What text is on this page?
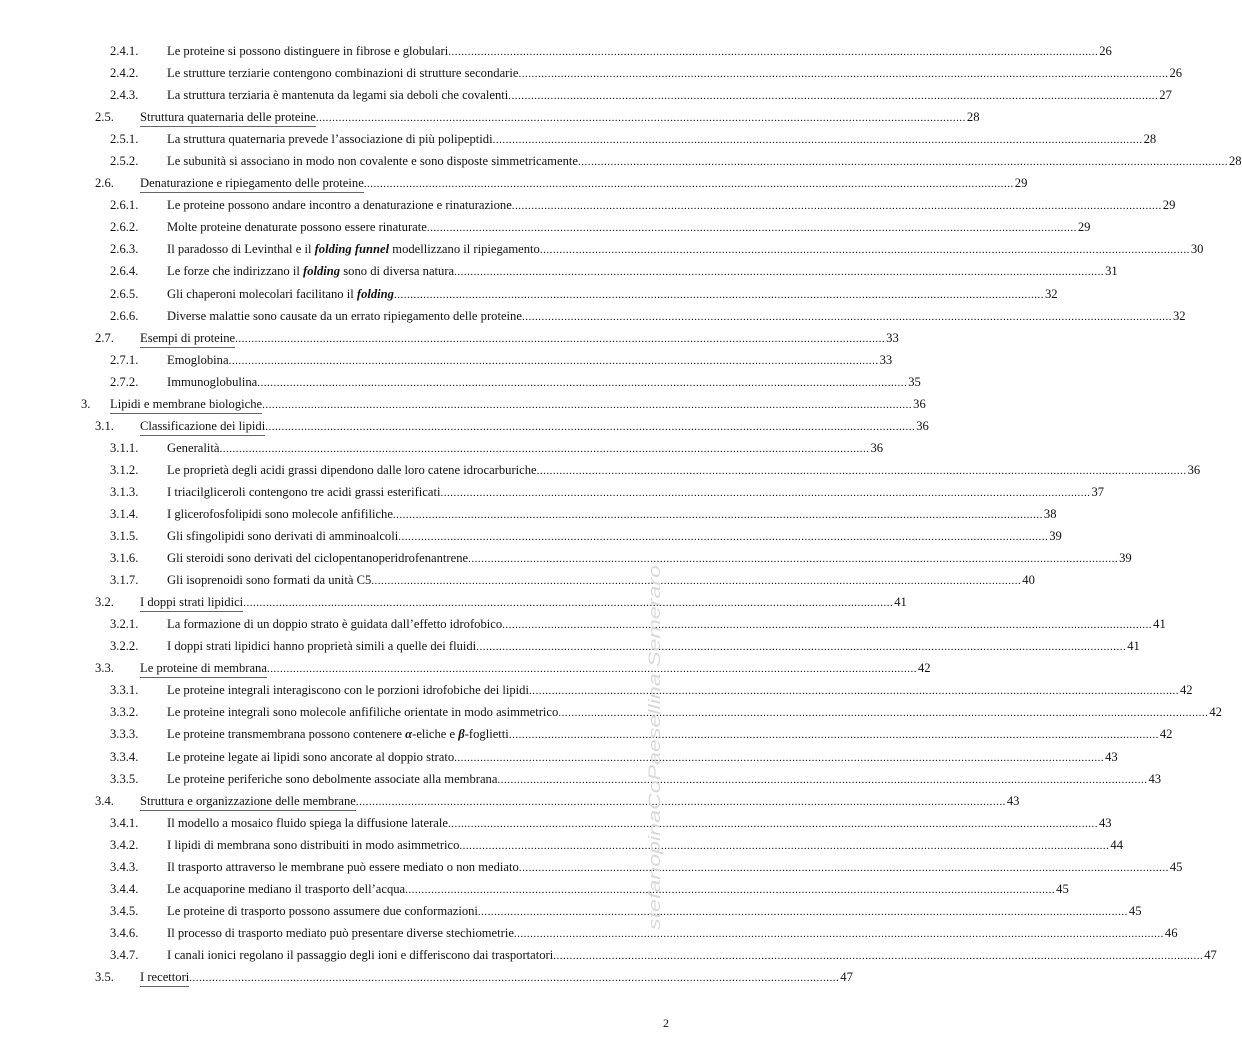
2.4.1. Le proteine si possono distinguere in fibrose e globulari ........................................................................................................................................................................................................ 26
2.4.2. Le strutture terziarie contengono combinazioni di strutture secondarie ........................................................................................................................................................................................................ 26
2.4.3. La struttura terziaria è mantenuta da legami sia deboli che covalenti ........................................................................................................................................................................................................ 27
2.5. Struttura quaternaria delle proteine ........................................................................................................................................................................................................ 28
2.5.1. La struttura quaternaria prevede l’associazione di più polipeptidi ........................................................................................................................................................................................................ 28
2.5.2. Le subunità si associano in modo non covalente e sono disposte simmetricamente ........................................................................................................................................................................................................ 28
2.6. Denaturazione e ripiegamento delle proteine ........................................................................................................................................................................................................ 29
2.6.1. Le proteine possono andare incontro a denaturazione e rinaturazione ........................................................................................................................................................................................................ 29
2.6.2. Molte proteine denaturate possono essere rinaturate ........................................................................................................................................................................................................ 29
2.6.3. Il paradosso di Levinthal e il folding funnel modellizzano il ripiegamento ........................................................................................................................................................................................................ 30
2.6.4. Le forze che indirizzano il folding sono di diversa natura ........................................................................................................................................................................................................ 31
2.6.5. Gli chaperoni molecolari facilitano il folding ........................................................................................................................................................................................................ 32
2.6.6. Diverse malattie sono causate da un errato ripiegamento delle proteine ........................................................................................................................................................................................................ 32
2.7. Esempi di proteine ........................................................................................................................................................................................................ 33
2.7.1. Emoglobina ........................................................................................................................................................................................................ 33
2.7.2. Immunoglobulina ........................................................................................................................................................................................................ 35
3. Lipidi e membrane biologiche ........................................................................................................................................................................................................ 36
3.1. Classificazione dei lipidi ........................................................................................................................................................................................................ 36
3.1.1. Generalità ........................................................................................................................................................................................................ 36
3.1.2. Le proprietà degli acidi grassi dipendono dalle loro catene idrocarburiche ........................................................................................................................................................................................................ 36
3.1.3. I triacilgliceroli contengono tre acidi grassi esterificati ........................................................................................................................................................................................................ 37
3.1.4. I glicerofosfolipidi sono molecole anfifiliche ........................................................................................................................................................................................................ 38
3.1.5. Gli sfingolipidi sono derivati di amminoalcoli ........................................................................................................................................................................................................ 39
3.1.6. Gli steroidi sono derivati del ciclopentanoperidrofenantrene ........................................................................................................................................................................................................ 39
3.1.7. Gli isoprenoidi sono formati da unità C5 ........................................................................................................................................................................................................ 40
3.2. I doppi strati lipidici ........................................................................................................................................................................................................ 41
3.2.1. La formazione di un doppio strato è guidata dall’effetto idrofobico ........................................................................................................................................................................................................ 41
3.2.2. I doppi strati lipidici hanno proprietà simili a quelle dei fluidi ........................................................................................................................................................................................................ 41
3.3. Le proteine di membrana ........................................................................................................................................................................................................ 42
3.3.1. Le proteine integrali interagiscono con le porzioni idrofobiche dei lipidi ........................................................................................................................................................................................................ 42
3.3.2. Le proteine integrali sono molecole anfifiliche orientate in modo asimmetrico ........................................................................................................................................................................................................ 42
3.3.3. Le proteine transmembrana possono contenere α-eliche e β-foglietti ........................................................................................................................................................................................................ 42
3.3.4. Le proteine legate ai lipidi sono ancorate al doppio strato ........................................................................................................................................................................................................ 43
3.3.5. Le proteine periferiche sono debolmente associate alla membrana ........................................................................................................................................................................................................ 43
3.4. Struttura e organizzazione delle membrane ........................................................................................................................................................................................................ 43
3.4.1. Il modello a mosaico fluido spiega la diffusione laterale ........................................................................................................................................................................................................ 43
3.4.2. I lipidi di membrana sono distribuiti in modo asimmetrico ........................................................................................................................................................................................................ 44
3.4.3. Il trasporto attraverso le membrane può essere mediato o non mediato ........................................................................................................................................................................................................ 45
3.4.4. Le acquaporine mediano il trasporto dell’acqua ........................................................................................................................................................................................................ 45
3.4.5. Le proteine di trasporto possono assumere due conformazioni ........................................................................................................................................................................................................ 45
3.4.6. Il processo di trasporto mediato può presentare diverse stechiometrie ........................................................................................................................................................................................................ 46
3.4.7. I canali ionici regolano il passaggio degli ioni e differiscono dai trasportatori ........................................................................................................................................................................................................ 47
3.5. I recettori ........................................................................................................................................................................................................ 47
stefanopinaCoPaesellina Semeraro
2
